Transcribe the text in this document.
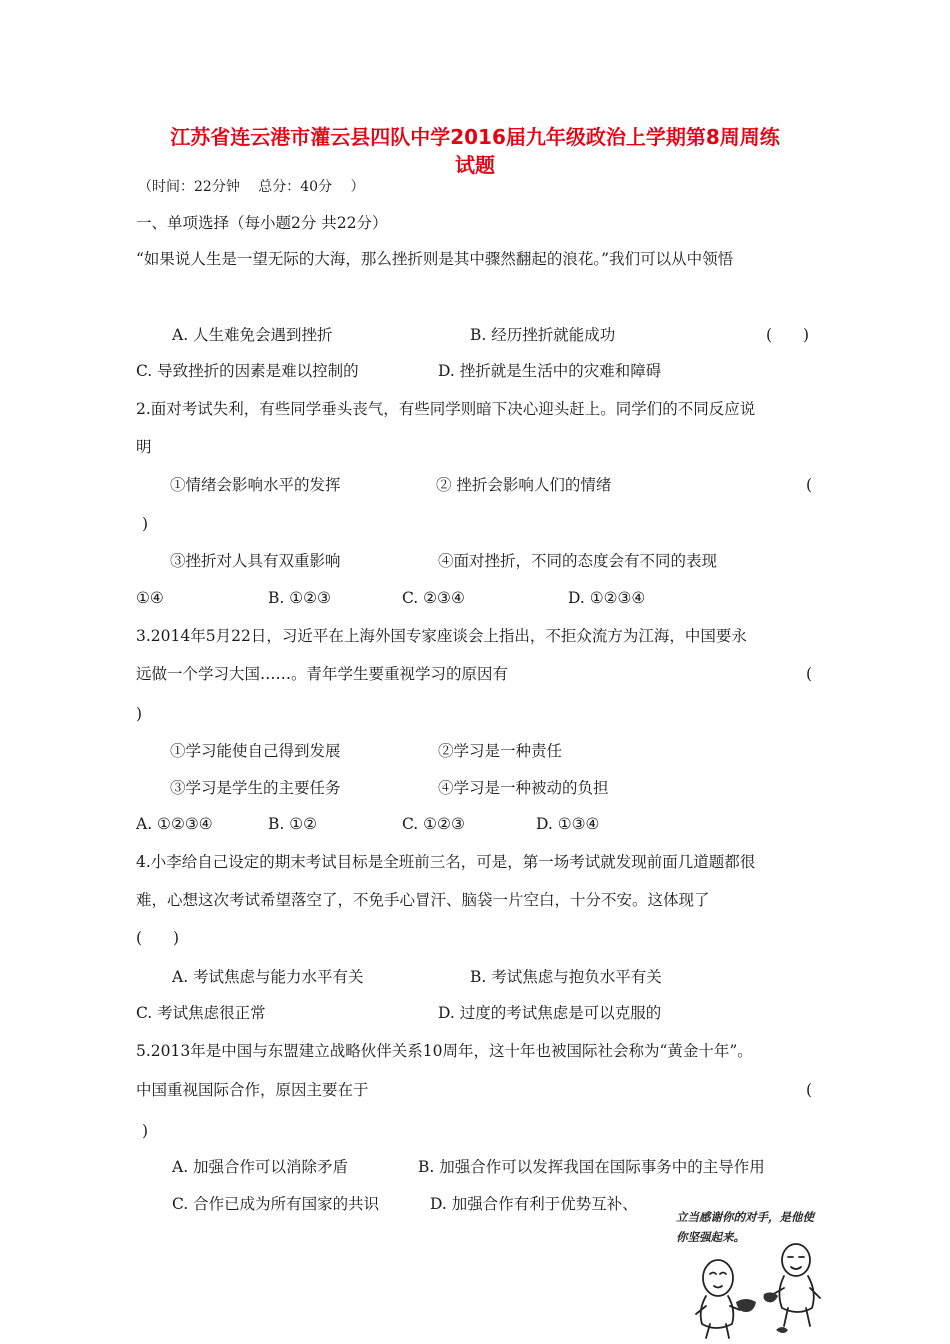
江苏省连云港市灌云县四队中学2016届九年级政治上学期第8周周练
试题
（时间：22分钟　 总分：40分　 ）
一、单项选择（每小题2分 共22分）
“如果说人生是一望无际的大海，那么挫折则是其中骤然翻起的浪花。”我们可以从中领悟
A. 人生难免会遇到挫折	B. 经历挫折就能成功	(　　)
C. 导致挫折的因素是难以控制的	D. 挫折就是生活中的灾难和障碍
2.面对考试失利，有些同学垂头丧气，有些同学则暗下决心迎头赶上。同学们的不同反应说
明
①情绪会影响水平的发挥	② 挫折会影响人们的情绪	(
)
③挫折对人具有双重影响	④面对挫折，不同的态度会有不同的表现
①④	B. ①②③	C. ②③④	D. ①②③④
3.2014年5月22日，习近平在上海外国专家座谈会上指出，不拒众流方为江海，中国要永
远做一个学习大国……。青年学生要重视学习的原因有	(
)
①学习能使自己得到发展	②学习是一种责任
③学习是学生的主要任务	④学习是一种被动的负担
A. ①②③④	B. ①②	C. ①②③	D. ①③④
4.小李给自己设定的期末考试目标是全班前三名，可是，第一场考试就发现前面几道题都很
难，心想这次考试希望落空了，不免手心冒汗、脑袋一片空白，十分不安。这体现了
(　　)
A. 考试焦虑与能力水平有关	B. 考试焦虑与抱负水平有关
C. 考试焦虑很正常	D. 过度的考试焦虑是可以克服的
5.2013年是中国与东盟建立战略伙伴关系10周年，这十年也被国际社会称为“黄金十年”。
中国重视国际合作，原因主要在于	(
)
A. 加强合作可以消除矛盾	B. 加强合作可以发挥我国在国际事务中的主导作用
C. 合作已成为所有国家的共识	D. 加强合作有利于优势互补、
立当感谢你的对手，是他使
你坚强起来。
